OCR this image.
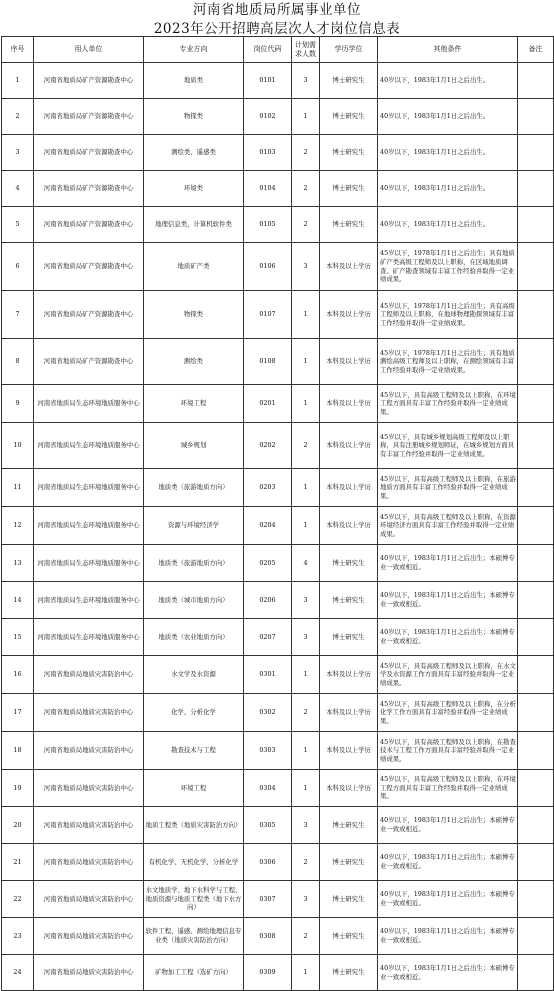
河南省地质局所属事业单位

2023年公开招聘高层次人才岗位信息表

序号	用人单位	专业方向	岗位代码	计划需求人数	学历学位	其他条件	备注
1	河南省地质局矿产资源勘查中心	地质类	0101	3	博士研究生	40岁以下，1983年1月1日之后出生。	
2	河南省地质局矿产资源勘查中心	物探类	0102	1	博士研究生	40岁以下，1983年1月1日之后出生。	
3	河南省地质局矿产资源勘查中心	测绘类、遥感类	0103	2	博士研究生	40岁以下，1983年1月1日之后出生。	
4	河南省地质局矿产资源勘查中心	环境类	0104	2	博士研究生	40岁以下，1983年1月1日之后出生。	
5	河南省地质局矿产资源勘查中心	地理信息类，计算机软件类	0105	2	博士研究生	40岁以下，1983年1月1日之后出生。	
6	河南省地质局矿产资源勘查中心	地质矿产类	0106	3	本科及以上学历	45岁以下，1978年1月1日之后出生；具有地质矿产类高级工程师及以上职称，在区域地质调查、矿产勘查领域有丰富工作经验并取得一定业绩成果。	
7	河南省地质局矿产资源勘查中心	物探类	0107	1	本科及以上学历	45岁以下，1978年1月1日之后出生；具有高级工程师及以上职称，在地球物理勘探领域有丰富工作经验并取得一定业绩成果。	
8	河南省地质局矿产资源勘查中心	测绘类	0108	1	本科及以上学历	45岁以下，1978年1月1日之后出生；具有地质测绘高级工程师及以上职称，在测绘领域有丰富工作经验并取得一定业绩成果。	
9	河南省地质局生态环境地质服务中心	环境工程	0201	1	本科及以上学历	45岁以下，具有高级工程师及以上职称，在环境工程方面具有丰富工作经验并取得一定业绩成果。	
10	河南省地质局生态环境地质服务中心	城乡规划	0202	2	本科及以上学历	45岁以下，具有城乡规划高级工程师及以上职称，具有注册城乡规划师证，在城乡规划方面具有丰富工作经验并取得一定业绩成果。	
11	河南省地质局生态环境地质服务中心	地质类（旅游地质方向）	0203	1	本科及以上学历	45岁以下，具有高级工程师及以上职称，在旅游地质方面具有丰富工作经验并取得一定业绩成果。	
12	河南省地质局生态环境地质服务中心	资源与环境经济学	0204	1	本科及以上学历	45岁以下，具有高级工程师及以上职称，在资源环境经济方面具有丰富工作经验并取得一定业绩成果。	
13	河南省地质局生态环境地质服务中心	地质类（旅游地质方向）	0205	4	博士研究生	40岁以下，1983年1月1日之后出生；本硕博专业一致或相近。	
14	河南省地质局生态环境地质服务中心	地质类（城市地质方向）	0206	3	博士研究生	40岁以下，1983年1月1日之后出生；本硕博专业一致或相近。	
15	河南省地质局生态环境地质服务中心	地质类（农业地质方向）	0207	3	博士研究生	40岁以下，1983年1月1日之后出生；本硕博专业一致或相近。	
16	河南省地质局地质灾害防治中心	水文学及水资源	0301	1	本科及以上学历	45岁以下，具有高级工程师及以上职称，在水文学及水资源工作方面具有丰富经验并取得一定业绩成果。	
17	河南省地质局地质灾害防治中心	化学、分析化学	0302	2	本科及以上学历	45岁以下，具有高级工程师及以上职称，在分析化学工作方面具有丰富经验并取得一定业绩成果。	
18	河南省地质局地质灾害防治中心	勘查技术与工程	0303	1	本科及以上学历	45岁以下，具有高级工程师及以上职称，在勘查技术与工程工作方面具有丰富经验并取得一定业绩成果。	
19	河南省地质局地质灾害防治中心	环境工程	0304	1	本科及以上学历	45岁以下，具有高级工程师及以上职称，在环境工程方面具有丰富工作经验并取得一定业绩成果。	
20	河南省地质局地质灾害防治中心	地质工程类（地质灾害防治方向）	0305	3	博士研究生	40岁以下，1983年1月1日之后出生；本硕博专业一致或相近。	
21	河南省地质局地质灾害防治中心	有机化学、无机化学、分析化学	0306	2	博士研究生	40岁以下，1983年1月1日之后出生；本硕博专业一致或相近。	
22	河南省地质局地质灾害防治中心	水文地质学、地下水科学与工程、地质资源与地质工程类（地下水方向）	0307	3	博士研究生	40岁以下，1983年1月1日之后出生；本硕博专业一致或相近。	
23	河南省地质局地质灾害防治中心	软件工程、遥感、测绘地理信息专业类（地质灾害防治方向）	0308	2	博士研究生	40岁以下，1983年1月1日之后出生；本硕博专业一致或相近。	
24	河南省地质局地质灾害防治中心	矿物加工工程（选矿方向）	0309	1	博士研究生	40岁以下，1983年1月1日之后出生；本硕博专业一致或相近。	
